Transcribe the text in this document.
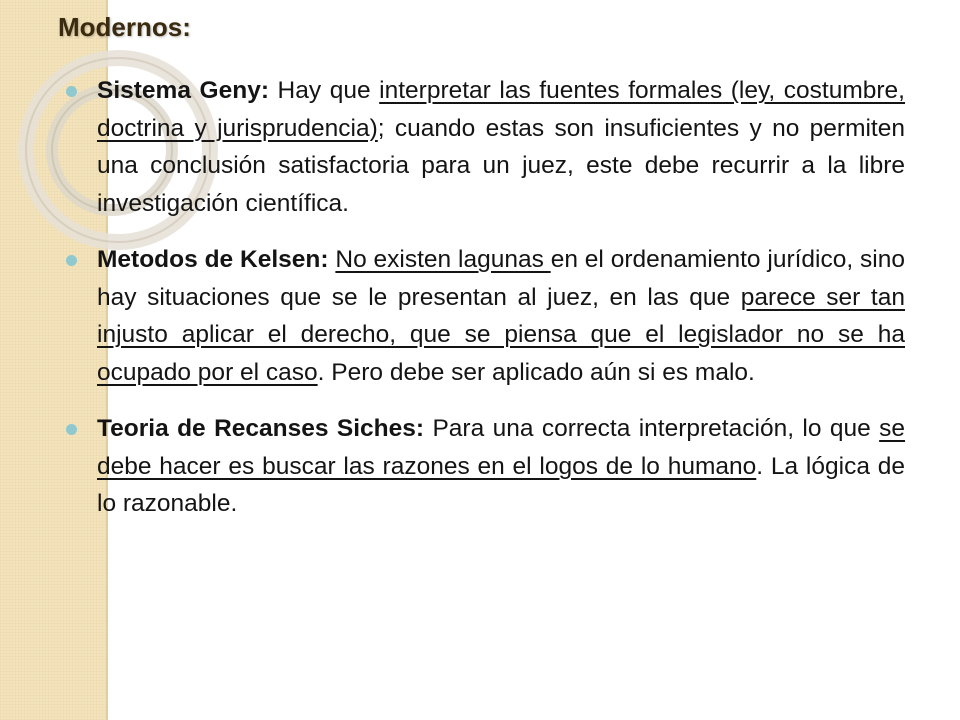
Modernos:

Sistema Geny: Hay que interpretar las fuentes formales (ley, costumbre, doctrina y jurisprudencia); cuando estas son insuficientes y no permiten una conclusión satisfactoria para un juez, este debe recurrir a la libre investigación científica.

Metodos de Kelsen: No existen lagunas en el ordenamiento jurídico, sino hay situaciones que se le presentan al juez, en las que parece ser tan injusto aplicar el derecho, que se piensa que el legislador no se ha ocupado por el caso. Pero debe ser aplicado aún si es malo.

Teoria de Recanses Siches: Para una correcta interpretación, lo que se debe hacer es buscar las razones en el logos de lo humano. La lógica de lo razonable.
